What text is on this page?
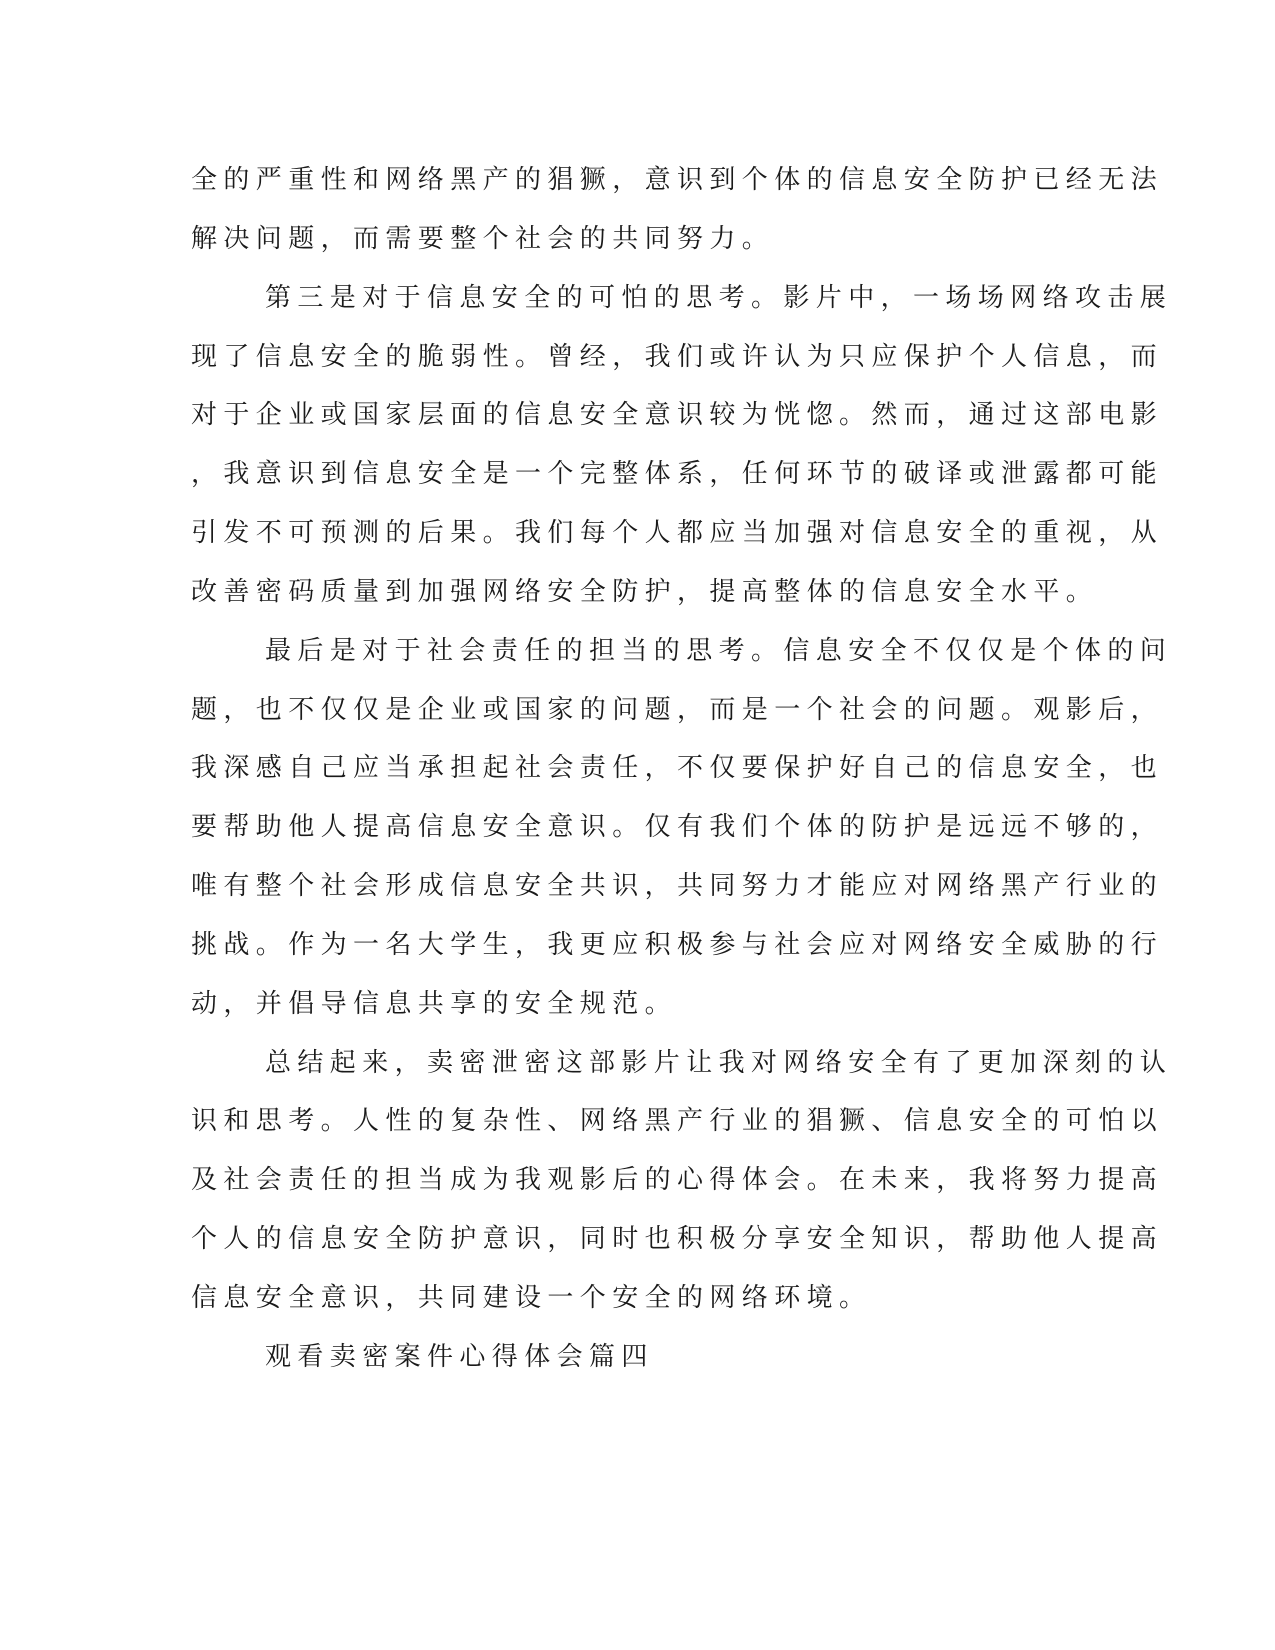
全的严重性和网络黑产的猖獗，意识到个体的信息安全防护已经无法
解决问题，而需要整个社会的共同努力。
第三是对于信息安全的可怕的思考。影片中，一场场网络攻击展
现了信息安全的脆弱性。曾经，我们或许认为只应保护个人信息，而
对于企业或国家层面的信息安全意识较为恍惚。然而，通过这部电影
，我意识到信息安全是一个完整体系，任何环节的破译或泄露都可能
引发不可预测的后果。我们每个人都应当加强对信息安全的重视，从
改善密码质量到加强网络安全防护，提高整体的信息安全水平。
最后是对于社会责任的担当的思考。信息安全不仅仅是个体的问
题，也不仅仅是企业或国家的问题，而是一个社会的问题。观影后，
我深感自己应当承担起社会责任，不仅要保护好自己的信息安全，也
要帮助他人提高信息安全意识。仅有我们个体的防护是远远不够的，
唯有整个社会形成信息安全共识，共同努力才能应对网络黑产行业的
挑战。作为一名大学生，我更应积极参与社会应对网络安全威胁的行
动，并倡导信息共享的安全规范。
总结起来，卖密泄密这部影片让我对网络安全有了更加深刻的认
识和思考。人性的复杂性、网络黑产行业的猖獗、信息安全的可怕以
及社会责任的担当成为我观影后的心得体会。在未来，我将努力提高
个人的信息安全防护意识，同时也积极分享安全知识，帮助他人提高
信息安全意识，共同建设一个安全的网络环境。
观看卖密案件心得体会篇四
